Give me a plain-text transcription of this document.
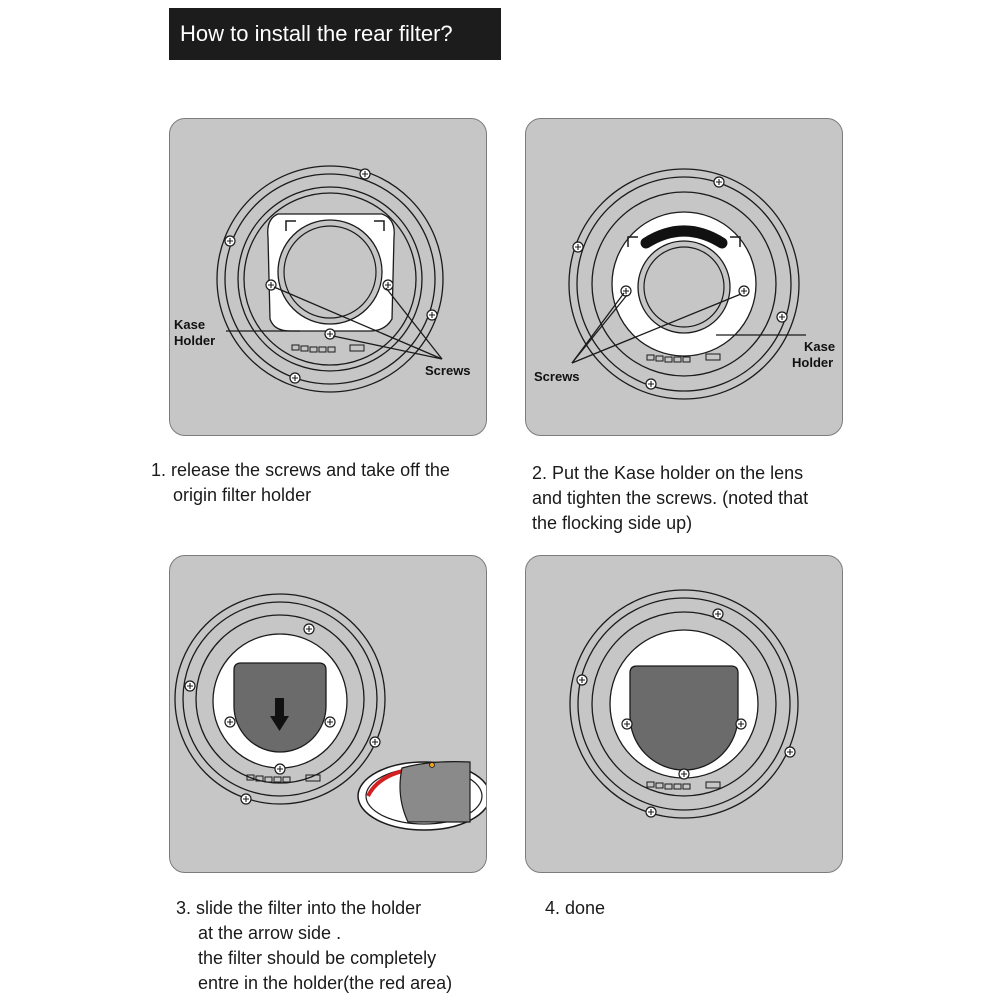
How to install the rear filter?
Kase
Holder
Screws
Kase
Holder
Screws
1. release the screws and take off the
origin filter holder
2. Put the Kase holder on the lens
and tighten the screws. (noted that
the flocking side up)
3. slide the filter into the holder
at the arrow side .
the filter should be completely
entre in the holder(the red area)
4. done
